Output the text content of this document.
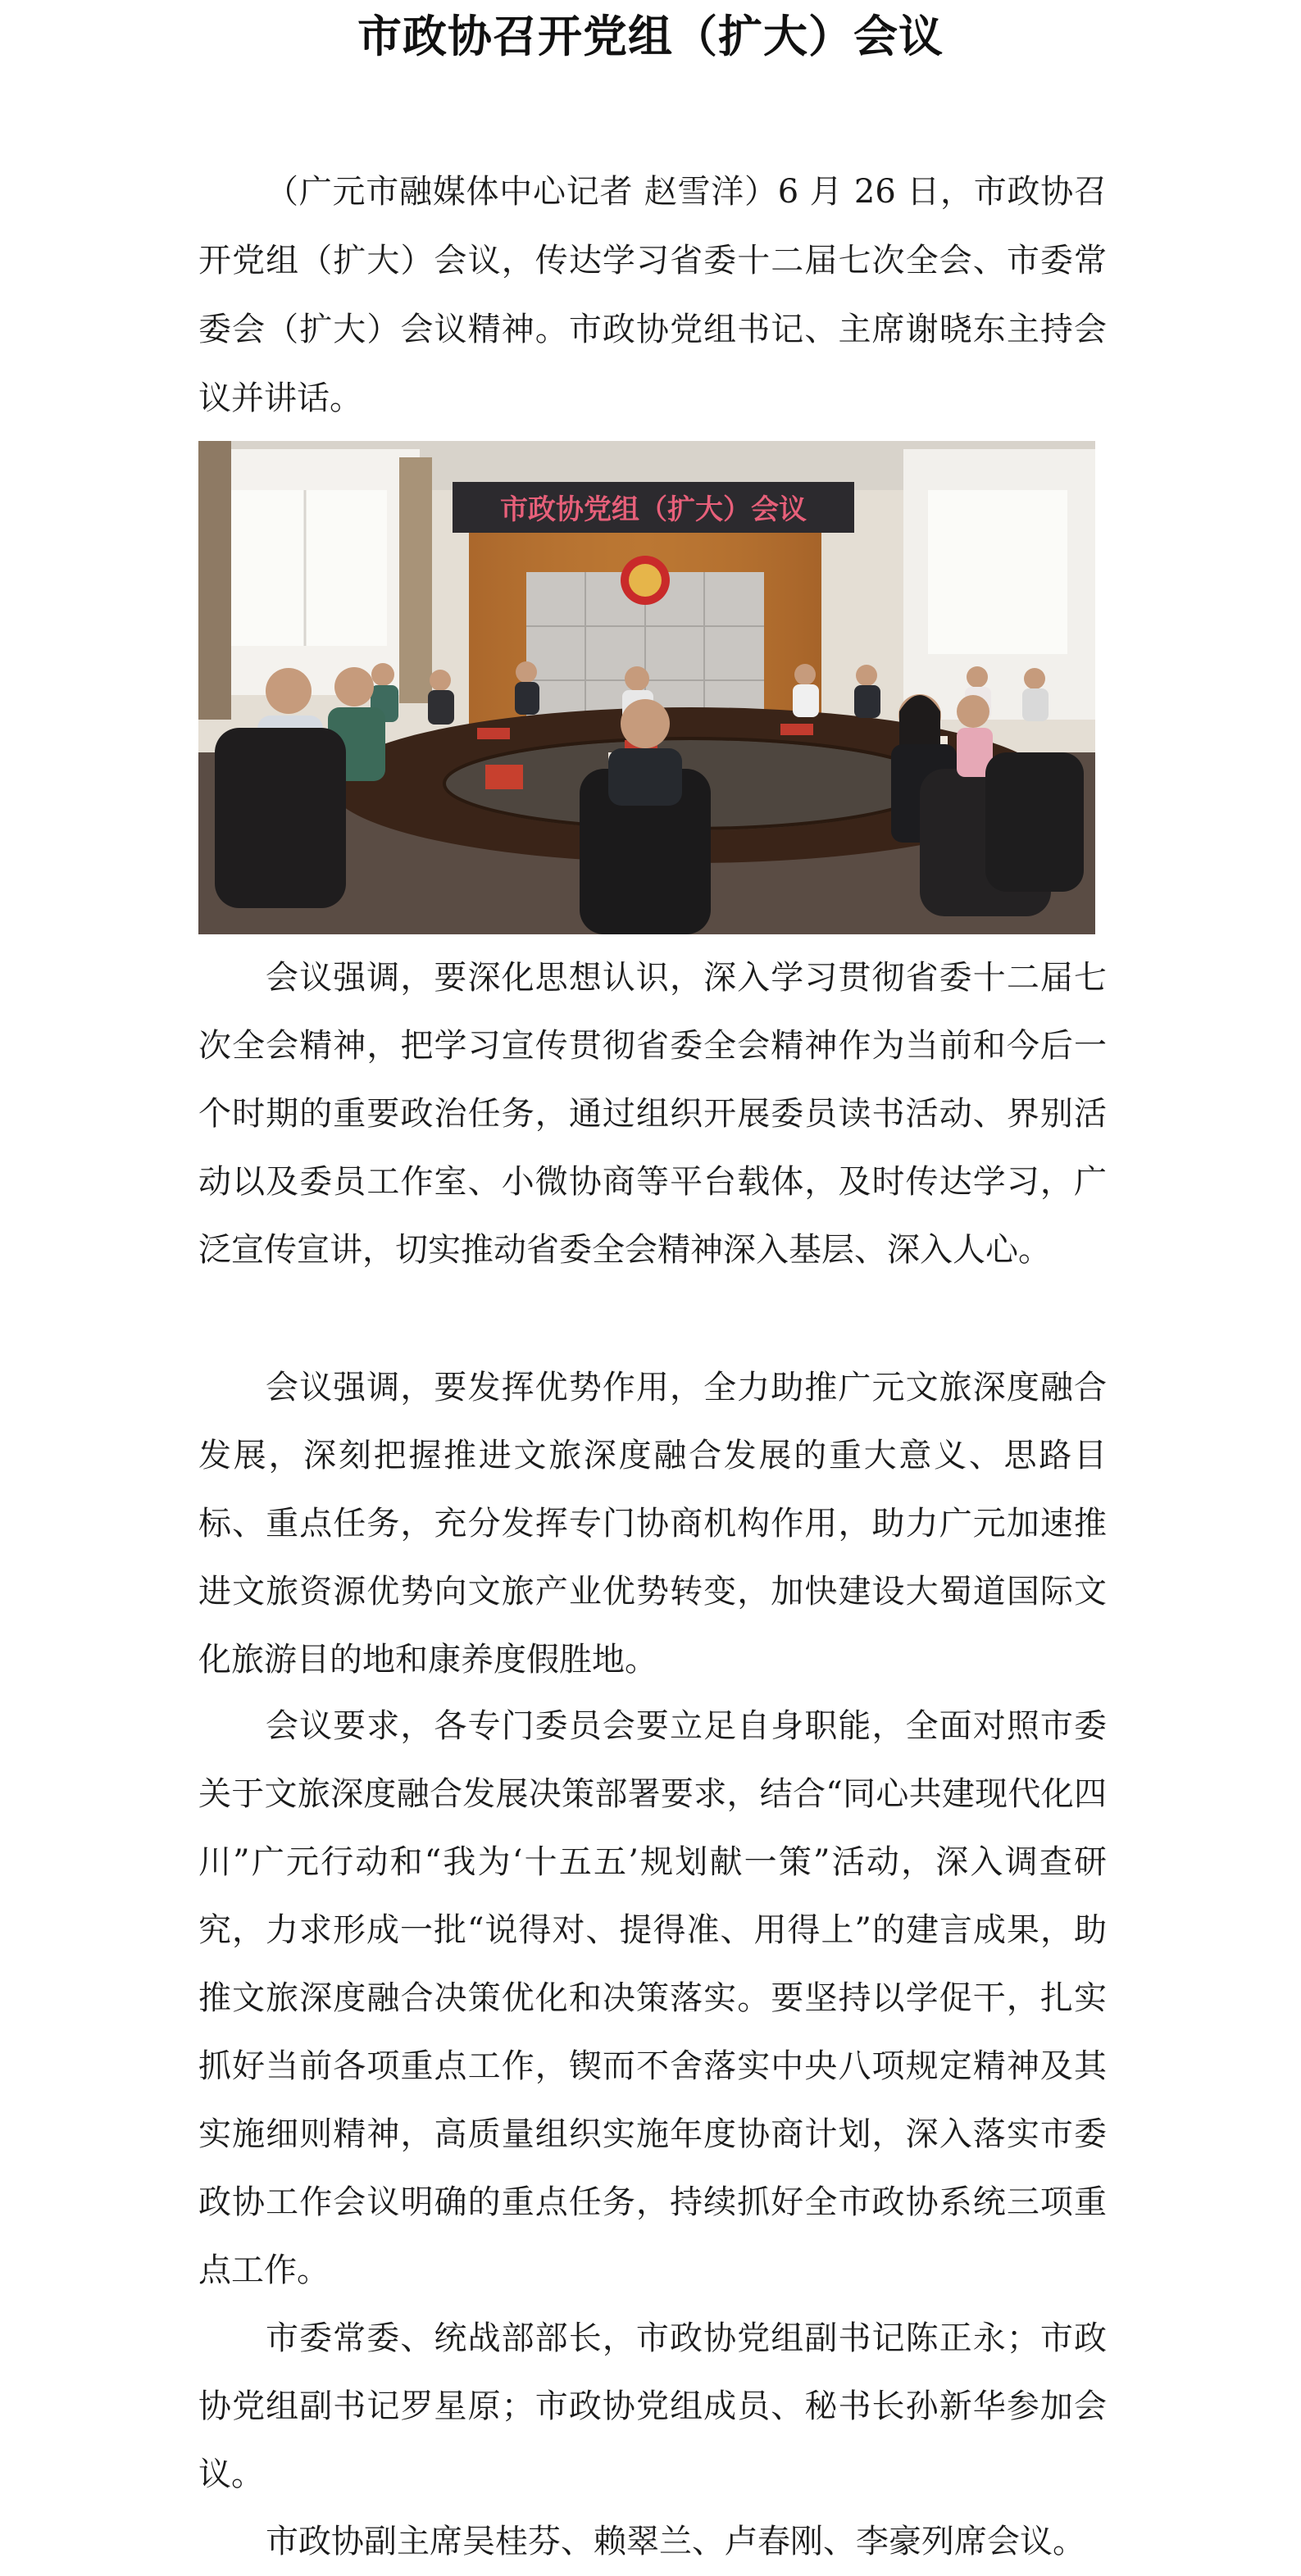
市政协召开党组（扩大）会议

（广元市融媒体中心记者 赵雪洋）6 月 26 日，市政协召开党组（扩大）会议，传达学习省委十二届七次全会、市委常委会（扩大）会议精神。市政协党组书记、主席谢晓东主持会议并讲话。

市政协党组（扩大）会议

会议强调，要深化思想认识，深入学习贯彻省委十二届七次全会精神，把学习宣传贯彻省委全会精神作为当前和今后一个时期的重要政治任务，通过组织开展委员读书活动、界别活动以及委员工作室、小微协商等平台载体，及时传达学习，广泛宣传宣讲，切实推动省委全会精神深入基层、深入人心。

会议强调，要发挥优势作用，全力助推广元文旅深度融合发展，深刻把握推进文旅深度融合发展的重大意义、思路目标、重点任务，充分发挥专门协商机构作用，助力广元加速推进文旅资源优势向文旅产业优势转变，加快建设大蜀道国际文化旅游目的地和康养度假胜地。

会议要求，各专门委员会要立足自身职能，全面对照市委关于文旅深度融合发展决策部署要求，结合“同心共建现代化四川”广元行动和“我为‘十五五’规划献一策”活动，深入调查研究，力求形成一批“说得对、提得准、用得上”的建言成果，助推文旅深度融合决策优化和决策落实。要坚持以学促干，扎实抓好当前各项重点工作，锲而不舍落实中央八项规定精神及其实施细则精神，高质量组织实施年度协商计划，深入落实市委政协工作会议明确的重点任务，持续抓好全市政协系统三项重点工作。

市委常委、统战部部长，市政协党组副书记陈正永；市政协党组副书记罗星原；市政协党组成员、秘书长孙新华参加会议。

市政协副主席吴桂芬、赖翠兰、卢春刚、李豪列席会议。
